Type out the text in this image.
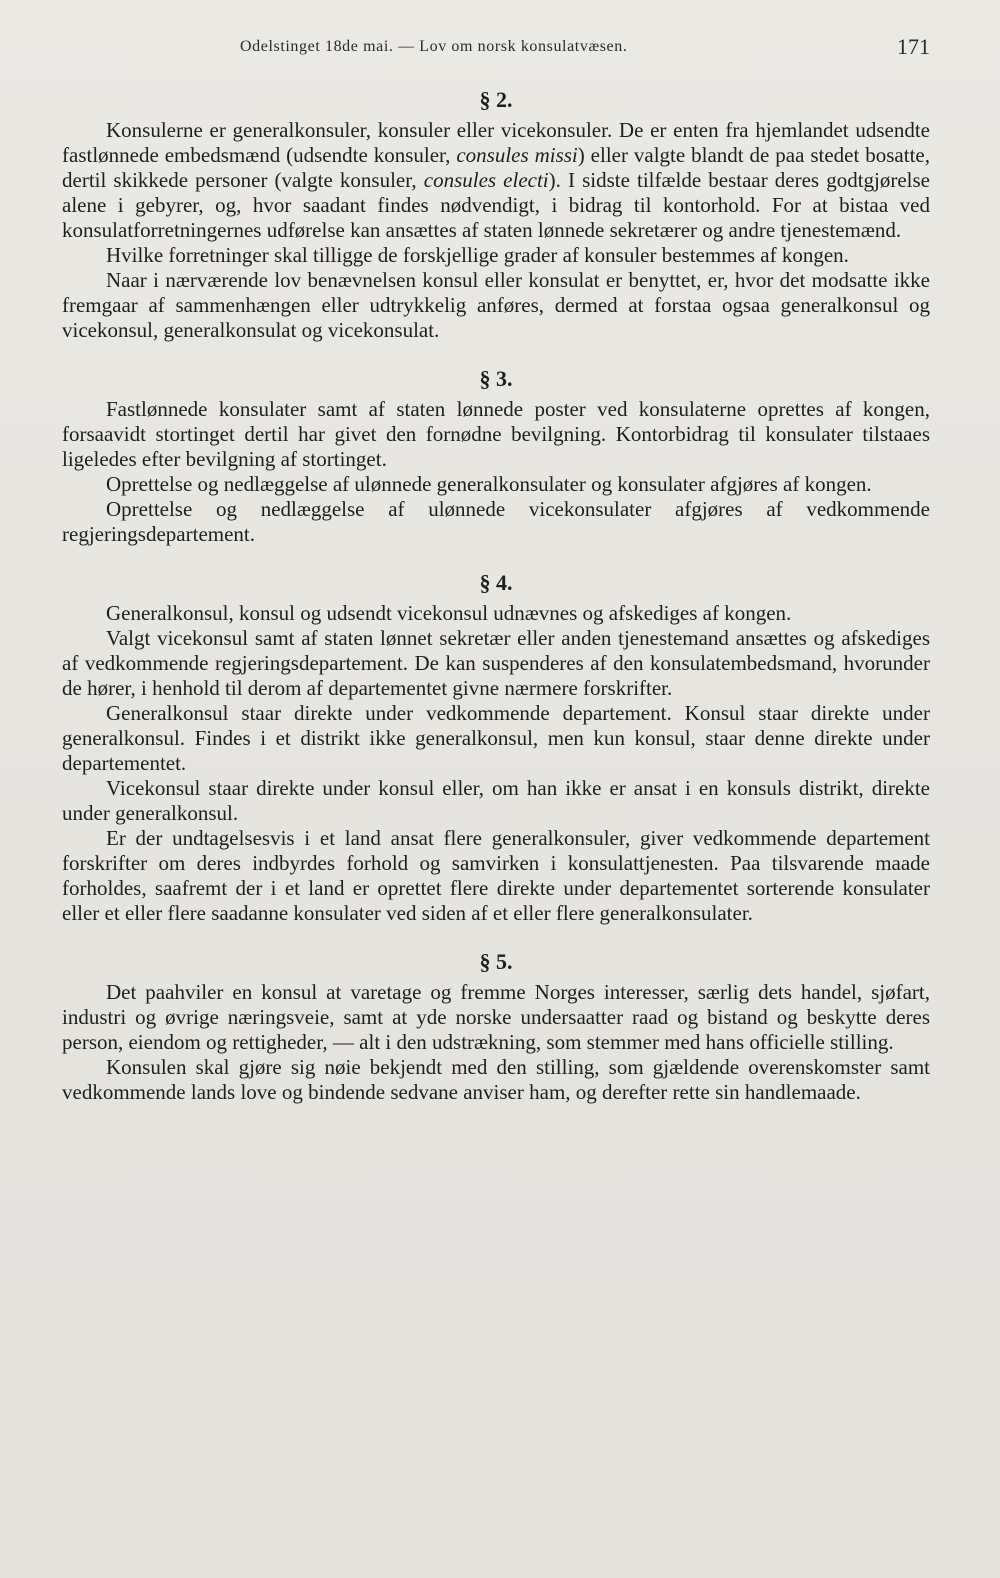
Odelstinget 18de mai. — Lov om norsk konsulatvæsen.	171
§ 2.

Konsulerne er generalkonsuler, konsuler eller vicekonsuler. De er enten fra hjemlandet udsendte fastlønnede embedsmænd (udsendte konsuler, consules missi) eller valgte blandt de paa stedet bosatte, dertil skikkede personer (valgte konsuler, consules electi). I sidste tilfælde bestaar deres godtgjørelse alene i gebyrer, og, hvor saadant findes nødvendigt, i bidrag til kontorhold. For at bistaa ved konsulatforretningernes udførelse kan ansættes af staten lønnede sekretærer og andre tjenestemænd.

Hvilke forretninger skal tilligge de forskjellige grader af konsuler bestemmes af kongen.

Naar i nærværende lov benævnelsen konsul eller konsulat er benyttet, er, hvor det modsatte ikke fremgaar af sammenhængen eller udtrykkelig anføres, dermed at forstaa ogsaa generalkonsul og vicekonsul, generalkonsulat og vicekonsulat.

§ 3.

Fastlønnede konsulater samt af staten lønnede poster ved konsulaterne oprettes af kongen, forsaavidt stortinget dertil har givet den fornødne bevilgning. Kontorbidrag til konsulater tilstaaes ligeledes efter bevilgning af stortinget.

Oprettelse og nedlæggelse af ulønnede generalkonsulater og konsulater afgjøres af kongen.

Oprettelse og nedlæggelse af ulønnede vicekonsulater afgjøres af vedkommende regjeringsdepartement.

§ 4.

Generalkonsul, konsul og udsendt vicekonsul udnævnes og afskediges af kongen.

Valgt vicekonsul samt af staten lønnet sekretær eller anden tjenestemand ansættes og afskediges af vedkommende regjeringsdepartement. De kan suspenderes af den konsulatembedsmand, hvorunder de hører, i henhold til derom af departementet givne nærmere forskrifter.

Generalkonsul staar direkte under vedkommende departement. Konsul staar direkte under generalkonsul. Findes i et distrikt ikke generalkonsul, men kun konsul, staar denne direkte under departementet.

Vicekonsul staar direkte under konsul eller, om han ikke er ansat i en konsuls distrikt, direkte under generalkonsul.

Er der undtagelsesvis i et land ansat flere generalkonsuler, giver vedkommende departement forskrifter om deres indbyrdes forhold og samvirken i konsulattjenesten. Paa tilsvarende maade forholdes, saafremt der i et land er oprettet flere direkte under departementet sorterende konsulater eller et eller flere saadanne konsulater ved siden af et eller flere generalkonsulater.

§ 5.

Det paahviler en konsul at varetage og fremme Norges interesser, særlig dets handel, sjøfart, industri og øvrige næringsveie, samt at yde norske undersaatter raad og bistand og beskytte deres person, eiendom og rettigheder, — alt i den udstrækning, som stemmer med hans officielle stilling.

Konsulen skal gjøre sig nøie bekjendt med den stilling, som gjældende overenskomster samt vedkommende lands love og bindende sedvane anviser ham, og derefter rette sin handlemaade.
